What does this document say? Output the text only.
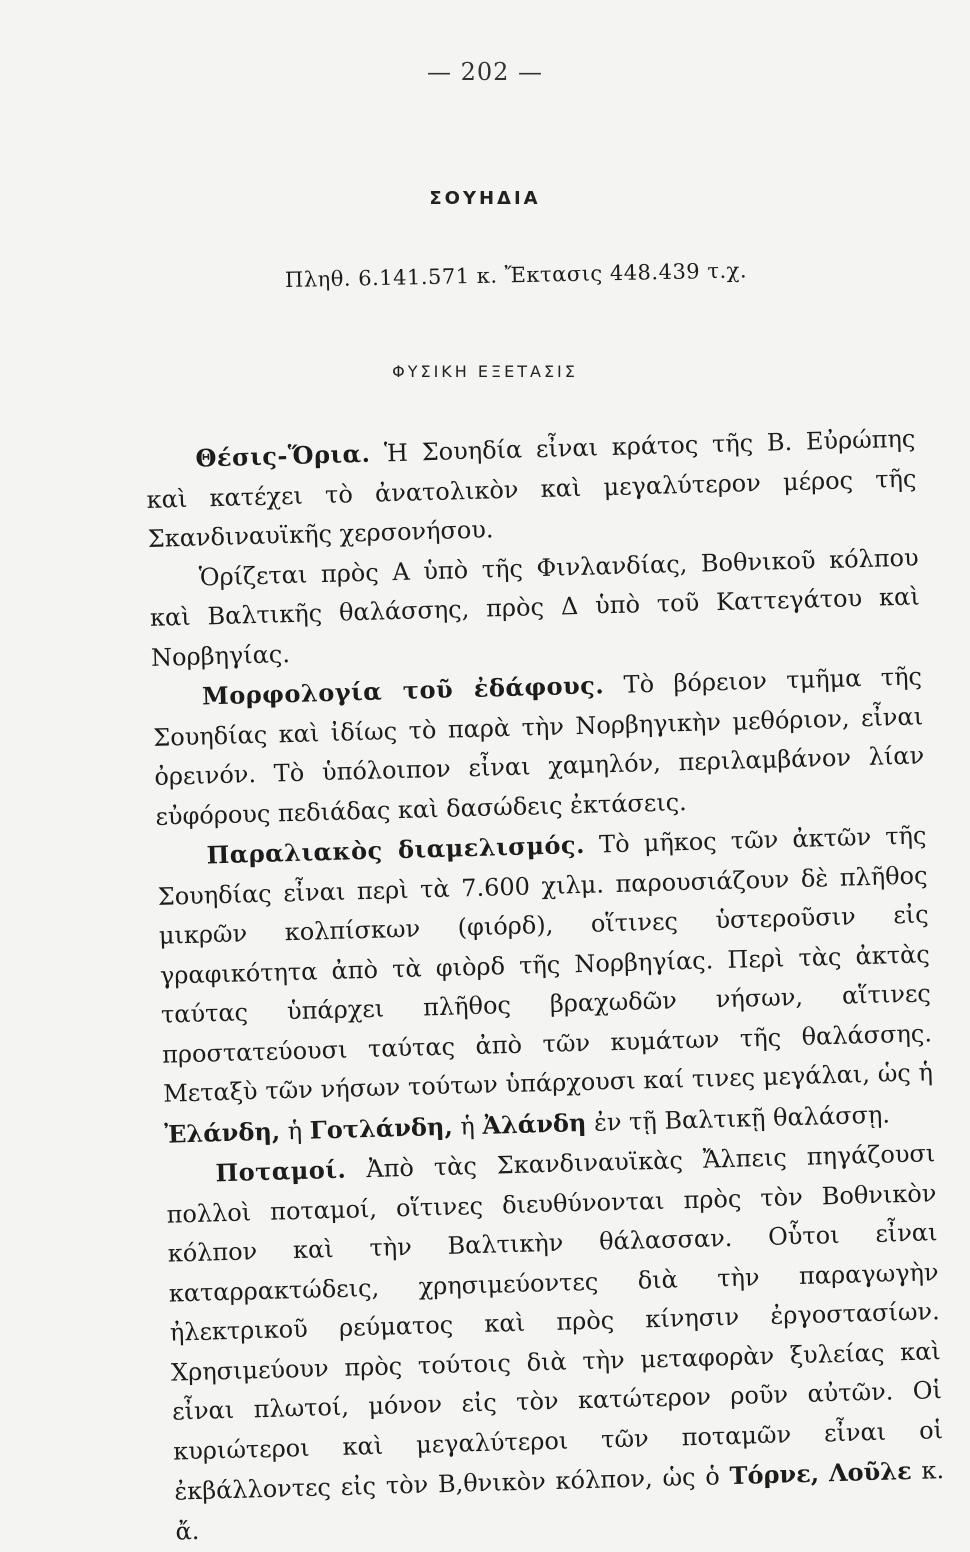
— 202 —
ΣΟΥΗΔΙΑ
Πληθ. 6.141.571 κ. Ἔκτασις 448.439 τ.χ.
ΦΥΣΙΚΗ ΕΞΕΤΑΣΙΣ

Θέσις-Ὅρια. Ἡ Σουηδία εἶναι κράτος τῆς Β. Εὐρώπης καὶ κατέχει τὸ ἀνατολικὸν καὶ μεγαλύτερον μέρος τῆς Σκανδιναυϊκῆς χερσονήσου.

Ὁρίζεται πρὸς Α ὑπὸ τῆς Φινλανδίας, Βοθνικοῦ κόλπου καὶ Βαλτικῆς θαλάσσης, πρὸς Δ ὑπὸ τοῦ Καττεγάτου καὶ Νορβηγίας.

Μορφολογία τοῦ ἐδάφους. Τὸ βόρειον τμῆμα τῆς Σουηδίας καὶ ἰδίως τὸ παρὰ τὴν Νορβηγικὴν μεθόριον, εἶναι ὀρεινόν. Τὸ ὑπόλοιπον εἶναι χαμηλόν, περιλαμβάνον λίαν εὐφόρους πεδιάδας καὶ δασώδεις ἐκτάσεις.

Παραλιακὸς διαμελισμός. Τὸ μῆκος τῶν ἀκτῶν τῆς Σουηδίας εἶναι περὶ τὰ 7.600 χιλμ. παρουσιάζουν δὲ πλῆθος μικρῶν κολπίσκων (φιόρδ), οἵτινες ὑστεροῦσιν εἰς γραφικότητα ἀπὸ τὰ φιὸρδ τῆς Νορβηγίας. Περὶ τὰς ἀκτὰς ταύτας ὑπάρχει πλῆθος βραχωδῶν νήσων, αἵτινες προστατεύουσι ταύτας ἀπὸ τῶν κυμάτων τῆς θαλάσσης. Μεταξὺ τῶν νήσων τούτων ὑπάρχουσι καί τινες μεγάλαι, ὡς ἡ Ἐλάνδη, ἡ Γοτλάνδη, ἡ Ἀλάνδη ἐν τῇ Βαλτικῇ θαλάσσῃ.

Ποταμοί. Ἀπὸ τὰς Σκανδιναυϊκὰς Ἄλπεις πηγάζουσι πολλοὶ ποταμοί, οἵτινες διευθύνονται πρὸς τὸν Βοθνικὸν κόλπον καὶ τὴν Βαλτικὴν θάλασσαν. Οὗτοι εἶναι καταρρακτώδεις, χρησιμεύοντες διὰ τὴν παραγωγὴν ἠλεκτρικοῦ ρεύματος καὶ πρὸς κίνησιν ἐργοστασίων. Χρησιμεύουν πρὸς τούτοις διὰ τὴν μεταφορὰν ξυλείας καὶ εἶναι πλωτοί, μόνον εἰς τὸν κατώτερον ροῦν αὐτῶν. Οἱ κυριώτεροι καὶ μεγαλύτεροι τῶν ποταμῶν εἶναι οἱ ἐκβάλλοντες εἰς τὸν Β,θνικὸν κόλπον, ὡς ὁ Τόρνε, Λοῦλε κ. ἄ.
